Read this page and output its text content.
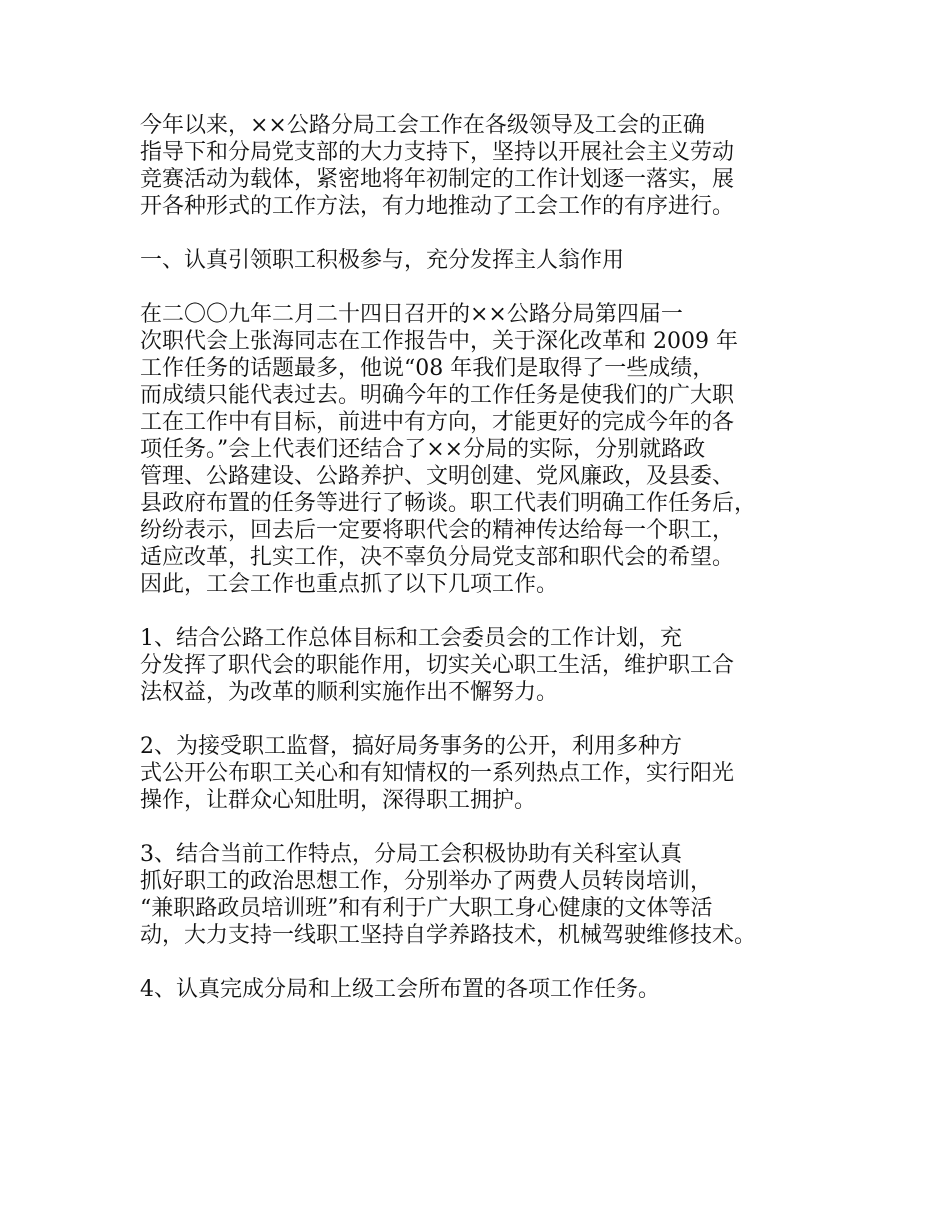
今年以来，××公路分局工会工作在各级领导及工会的正确
指导下和分局党支部的大力支持下，坚持以开展社会主义劳动
竞赛活动为载体，紧密地将年初制定的工作计划逐一落实，展
开各种形式的工作方法，有力地推动了工会工作的有序进行。
一、认真引领职工积极参与，充分发挥主人翁作用
在二〇〇九年二月二十四日召开的××公路分局第四届一
次职代会上张海同志在工作报告中，关于深化改革和 2009 年
工作任务的话题最多，他说“08 年我们是取得了一些成绩，
而成绩只能代表过去。明确今年的工作任务是使我们的广大职
工在工作中有目标，前进中有方向，才能更好的完成今年的各
项任务。”会上代表们还结合了××分局的实际，分别就路政
管理、公路建设、公路养护、文明创建、党风廉政，及县委、
县政府布置的任务等进行了畅谈。职工代表们明确工作任务后，
纷纷表示，回去后一定要将职代会的精神传达给每一个职工，
适应改革，扎实工作，决不辜负分局党支部和职代会的希望。
因此，工会工作也重点抓了以下几项工作。
1、结合公路工作总体目标和工会委员会的工作计划，充
分发挥了职代会的职能作用，切实关心职工生活，维护职工合
法权益，为改革的顺利实施作出不懈努力。
2、为接受职工监督，搞好局务事务的公开，利用多种方
式公开公布职工关心和有知情权的一系列热点工作，实行阳光
操作，让群众心知肚明，深得职工拥护。
3、结合当前工作特点，分局工会积极协助有关科室认真
抓好职工的政治思想工作，分别举办了两费人员转岗培训，
“兼职路政员培训班”和有利于广大职工身心健康的文体等活
动，大力支持一线职工坚持自学养路技术，机械驾驶维修技术。
4、认真完成分局和上级工会所布置的各项工作任务。
